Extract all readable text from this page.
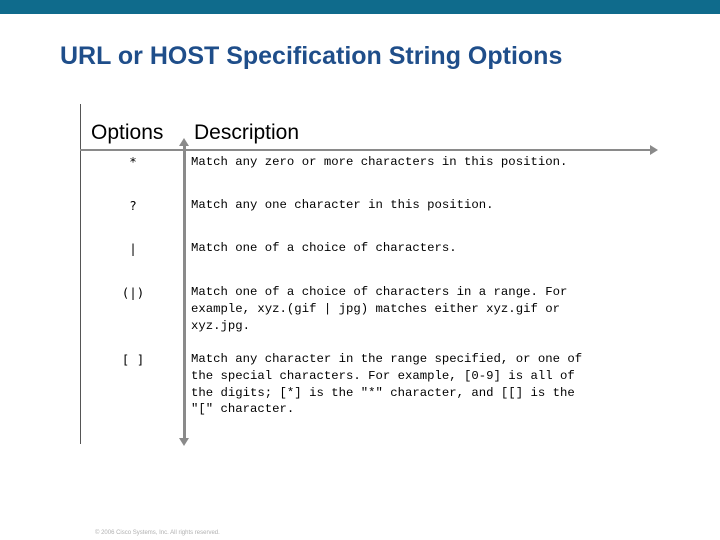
URL or HOST Specification String Options
Options Description
*	Match any zero or more characters in this position.
?	Match any one character in this position.
|	Match one of a choice of characters.
(|)	Match one of a choice of characters in a range. For
example, xyz.(gif | jpg) matches either xyz.gif or
xyz.jpg.
[ ]	Match any character in the range specified, or one of
the special characters. For example, [0-9] is all of
the digits; [*] is the "*" character, and [[] is the
"[" character.
© 2006 Cisco Systems, Inc. All rights reserved.
